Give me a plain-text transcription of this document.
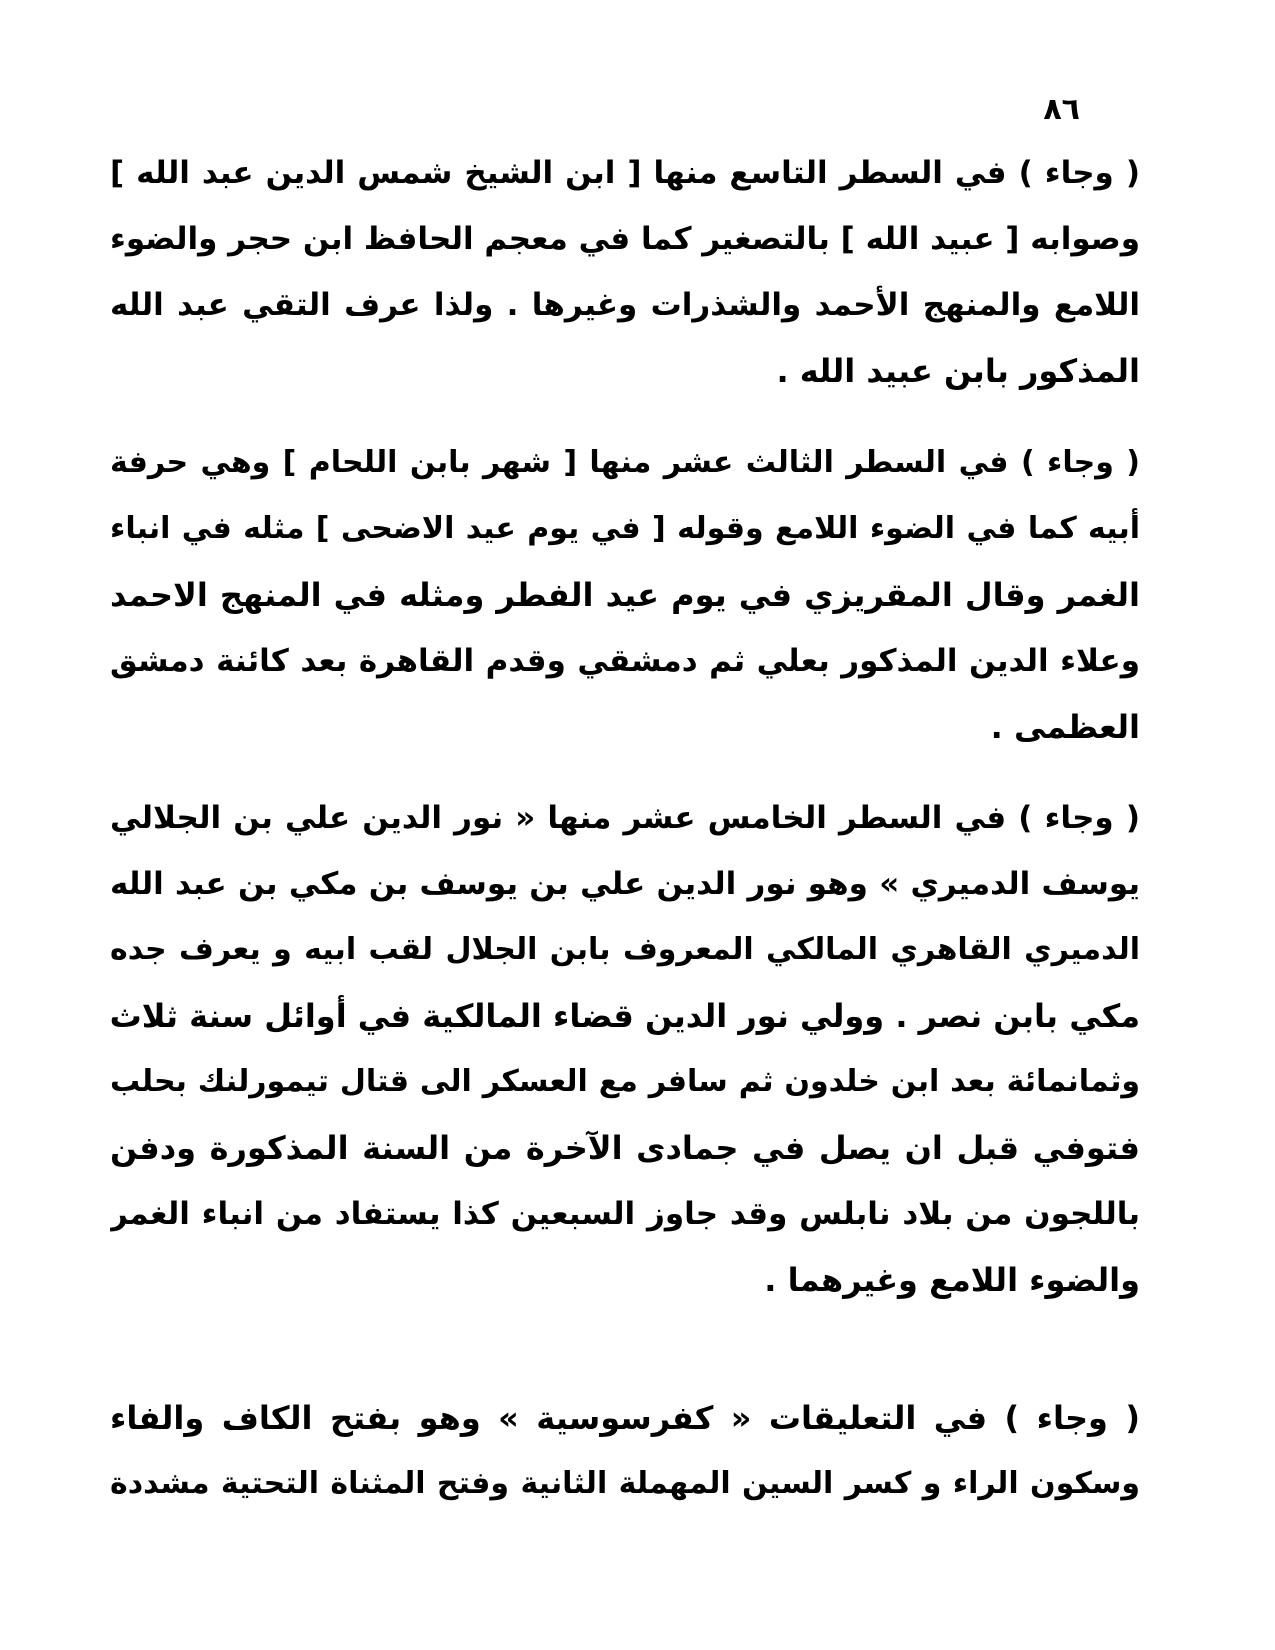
٨٦
( وجاء ) في السطر التاسع منها [ ابن الشيخ شمس الدين عبد الله ]
وصوابه [ عبيد الله ] بالتصغير كما في معجم الحافظ ابن حجر والضوء
اللامع والمنهج الأحمد والشذرات وغيرها . ولذا عرف التقي عبد الله
المذكور بابن عبيد الله .
( وجاء ) في السطر الثالث عشر منها [ شهر بابن اللحام ] وهي حرفة
أبيه كما في الضوء اللامع وقوله [ في يوم عيد الاضحى ] مثله في انباء
الغمر وقال المقريزي في يوم عيد الفطر ومثله في المنهج الاحمد
وعلاء الدين المذكور بعلي ثم دمشقي وقدم القاهرة بعد كائنة دمشق
العظمى .
( وجاء ) في السطر الخامس عشر منها « نور الدين علي بن الجلالي
يوسف الدميري » وهو نور الدين علي بن يوسف بن مكي بن عبد الله
الدميري القاهري المالكي المعروف بابن الجلال لقب ابيه و يعرف جده
مكي بابن نصر . وولي نور الدين قضاء المالكية في أوائل سنة ثلاث
وثمانمائة بعد ابن خلدون ثم سافر مع العسكر الى قتال تيمورلنك بحلب
فتوفي قبل ان يصل في جمادى الآخرة من السنة المذكورة ودفن
باللجون من بلاد نابلس وقد جاوز السبعين كذا يستفاد من انباء الغمر
والضوء اللامع وغيرهما .
( وجاء ) في التعليقات « كفرسوسية » وهو بفتح الكاف والفاء
وسكون الراء و كسر السين المهملة الثانية وفتح المثناة التحتية مشددة
